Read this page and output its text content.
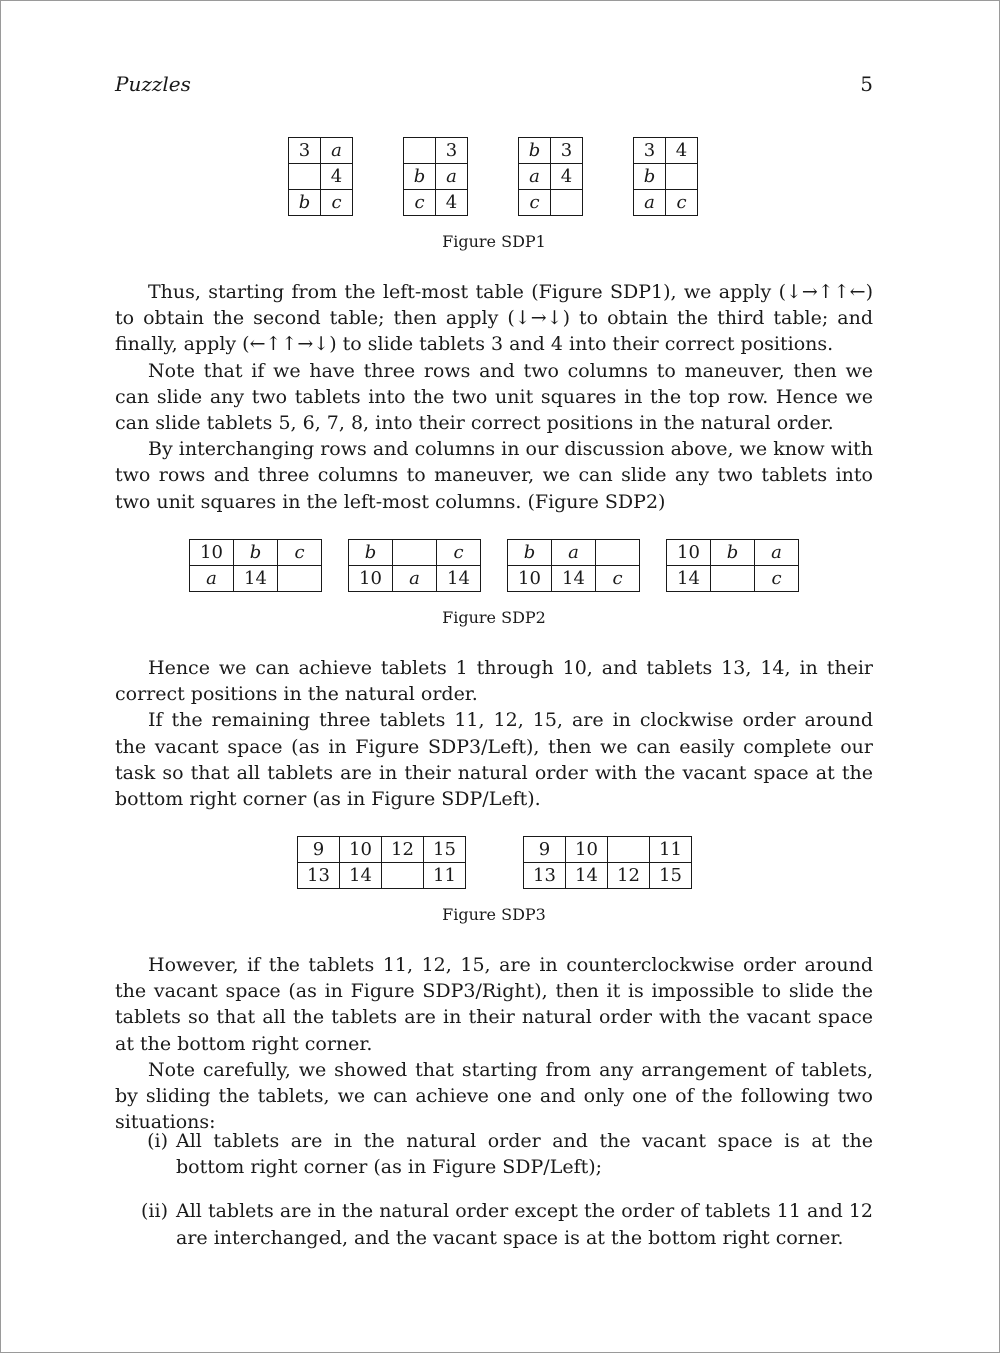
Puzzles	5
3	a
	4
b	c
	3
b	a
c	4
b	3
a	4
c	
3	4
b	
a	c
Figure SDP1

Thus, starting from the left-most table (Figure SDP1), we apply (↓→↑↑←) to obtain the second table; then apply (↓→↓) to obtain the third table; and finally, apply (←↑↑→↓) to slide tablets 3 and 4 into their correct positions.

Note that if we have three rows and two columns to maneuver, then we can slide any two tablets into the two unit squares in the top row. Hence we can slide tablets 5, 6, 7, 8, into their correct positions in the natural order.

By interchanging rows and columns in our discussion above, we know with two rows and three columns to maneuver, we can slide any two tablets into two unit squares in the left-most columns. (Figure SDP2)

10	b	c
a	14	
b		c
10	a	14
b	a	
10	14	c
10	b	a
14		c
Figure SDP2

Hence we can achieve tablets 1 through 10, and tablets 13, 14, in their correct positions in the natural order.

If the remaining three tablets 11, 12, 15, are in clockwise order around the vacant space (as in Figure SDP3/Left), then we can easily complete our task so that all tablets are in their natural order with the vacant space at the bottom right corner (as in Figure SDP/Left).

9	10	12	15
13	14		11
9	10		11
13	14	12	15
Figure SDP3

However, if the tablets 11, 12, 15, are in counterclockwise order around the vacant space (as in Figure SDP3/Right), then it is impossible to slide the tablets so that all the tablets are in their natural order with the vacant space at the bottom right corner.

Note carefully, we showed that starting from any arrangement of tablets, by sliding the tablets, we can achieve one and only one of the following two situations:

(i) All tablets are in the natural order and the vacant space is at the bottom right corner (as in Figure SDP/Left);
(ii) All tablets are in the natural order except the order of tablets 11 and 12 are interchanged, and the vacant space is at the bottom right corner.
